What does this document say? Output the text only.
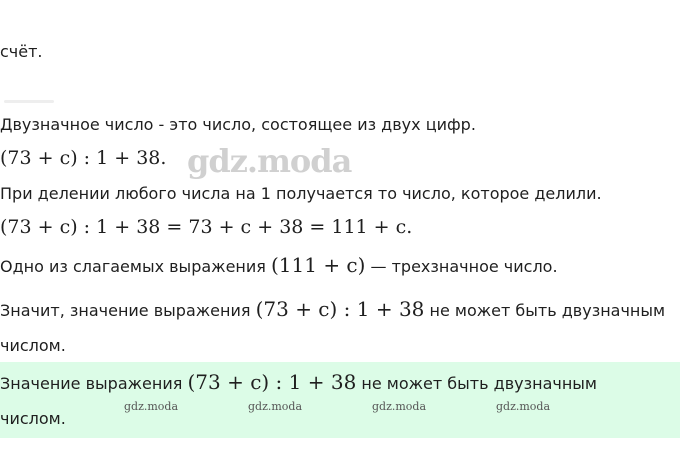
счёт.
Двузначное число - это число, состоящее из двух цифр.
(73 + c) : 1 + 38. gdz.moda
При делении любого числа на 1 получается то число, которое делили.
(73 + c) : 1 + 38 = 73 + c + 38 = 111 + c.
Одно из слагаемых выражения (111 + c) — трехзначное число.
Значит, значение выражения (73 + c) : 1 + 38 не может быть двузначным
числом.
Значение выражения (73 + c) : 1 + 38 не может быть двузначным
числом.
gdz.moda	gdz.moda	gdz.moda	gdz.moda
